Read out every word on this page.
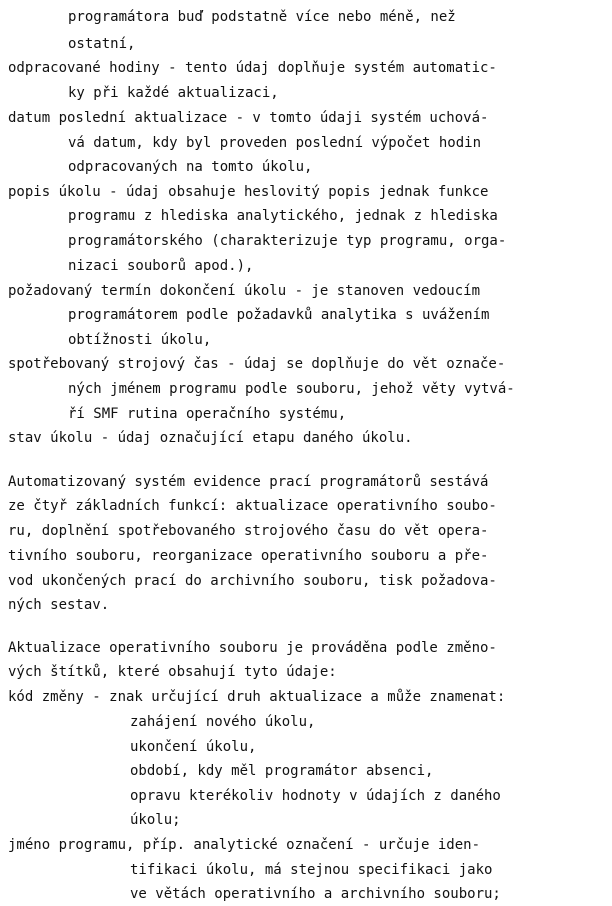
programátora buď podstatně více nebo méně, než
ostatní,
odpracované hodiny - tento údaj doplňuje systém automatic-
ky při každé aktualizaci,
datum poslední aktualizace - v tomto údaji systém uchová-
vá datum, kdy byl proveden poslední výpočet hodin
odpracovaných na tomto úkolu,
popis úkolu - údaj obsahuje heslovitý popis jednak funkce
programu z hlediska analytického, jednak z hlediska
programátorského (charakterizuje typ programu, orga-
nizaci souborů apod.),
požadovaný termín dokončení úkolu - je stanoven vedoucím
programátorem podle požadavků analytika s uvážením
obtížnosti úkolu,
spotřebovaný strojový čas - údaj se doplňuje do vět označe-
ných jménem programu podle souboru, jehož věty vytvá-
ří SMF rutina operačního systému,
stav úkolu - údaj označující etapu daného úkolu.
Automatizovaný systém evidence prací programátorů sestává
ze čtyř základních funkcí: aktualizace operativního soubo-
ru, doplnění spotřebovaného strojového času do vět opera-
tivního souboru, reorganizace operativního souboru a pře-
vod ukončených prací do archivního souboru, tisk požadova-
ných sestav.
Aktualizace operativního souboru je prováděna podle změno-
vých štítků, které obsahují tyto údaje:
kód změny - znak určující druh aktualizace a může znamenat:
zahájení nového úkolu,
ukončení úkolu,
období, kdy měl programátor absenci,
opravu kterékoliv hodnoty v údajích z daného
úkolu;
jméno programu, příp. analytické označení - určuje iden-
tifikaci úkolu, má stejnou specifikaci jako
ve větách operativního a archivního souboru;
